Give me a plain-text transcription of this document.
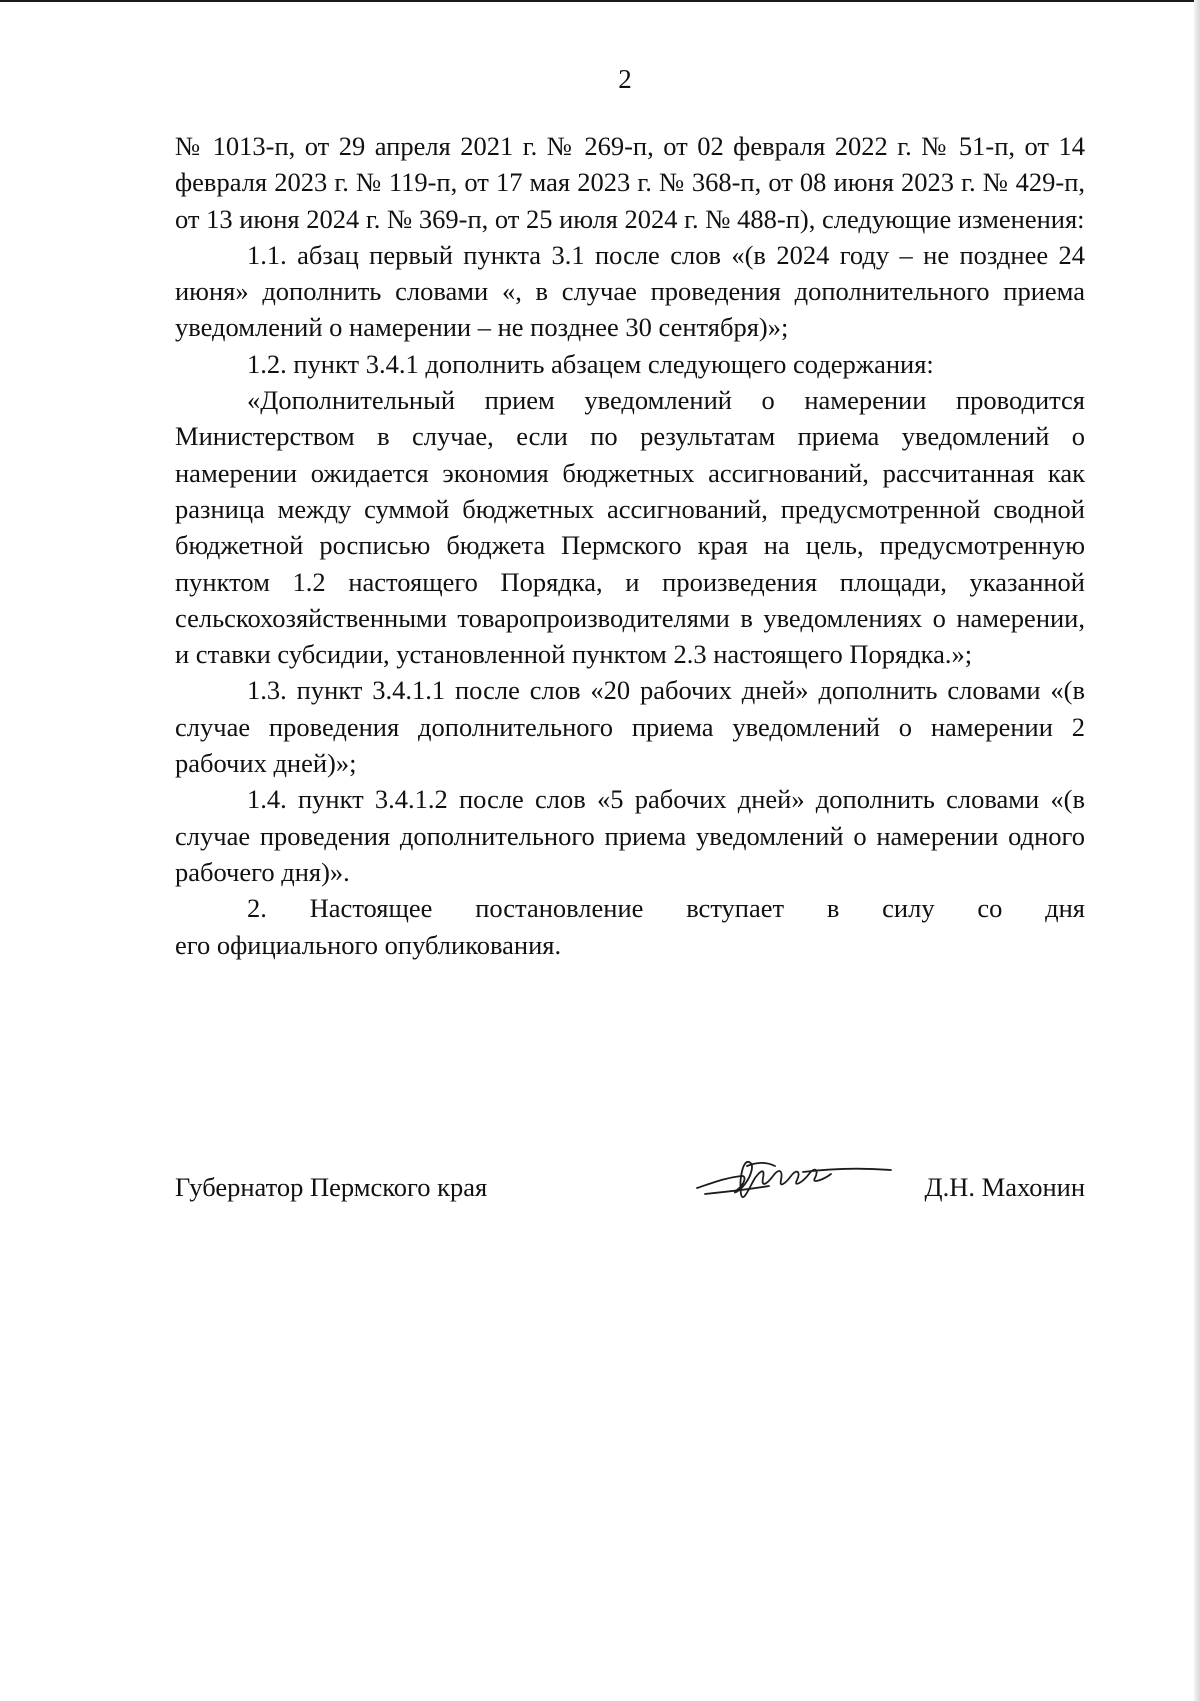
2

№ 1013-п, от 29 апреля 2021 г. № 269-п, от 02 февраля 2022 г. № 51-п, от 14 февраля 2023 г. № 119-п, от 17 мая 2023 г. № 368-п, от 08 июня 2023 г. № 429-п, от 13 июня 2024 г. № 369-п, от 25 июля 2024 г. № 488-п), следующие изменения:

1.1. абзац первый пункта 3.1 после слов «(в 2024 году – не позднее 24 июня» дополнить словами «, в случае проведения дополнительного приема уведомлений о намерении – не позднее 30 сентября)»;

1.2. пункт 3.4.1 дополнить абзацем следующего содержания:

«Дополнительный прием уведомлений о намерении проводится Министерством в случае, если по результатам приема уведомлений о намерении ожидается экономия бюджетных ассигнований, рассчитанная как разница между суммой бюджетных ассигнований, предусмотренной сводной бюджетной росписью бюджета Пермского края на цель, предусмотренную пунктом 1.2 настоящего Порядка, и произведения площади, указанной сельскохозяйственными товаропроизводителями в уведомлениях о намерении, и ставки субсидии, установленной пунктом 2.3 настоящего Порядка.»;

1.3. пункт 3.4.1.1 после слов «20 рабочих дней» дополнить словами «(в случае проведения дополнительного приема уведомлений о намерении 2 рабочих дней)»;

1.4. пункт 3.4.1.2 после слов «5 рабочих дней» дополнить словами «(в случае проведения дополнительного приема уведомлений о намерении одного рабочего дня)».

2. Настоящее постановление вступает в силу со дня

его официального опубликования.

Губернатор Пермского края	Д.Н. Махонин
